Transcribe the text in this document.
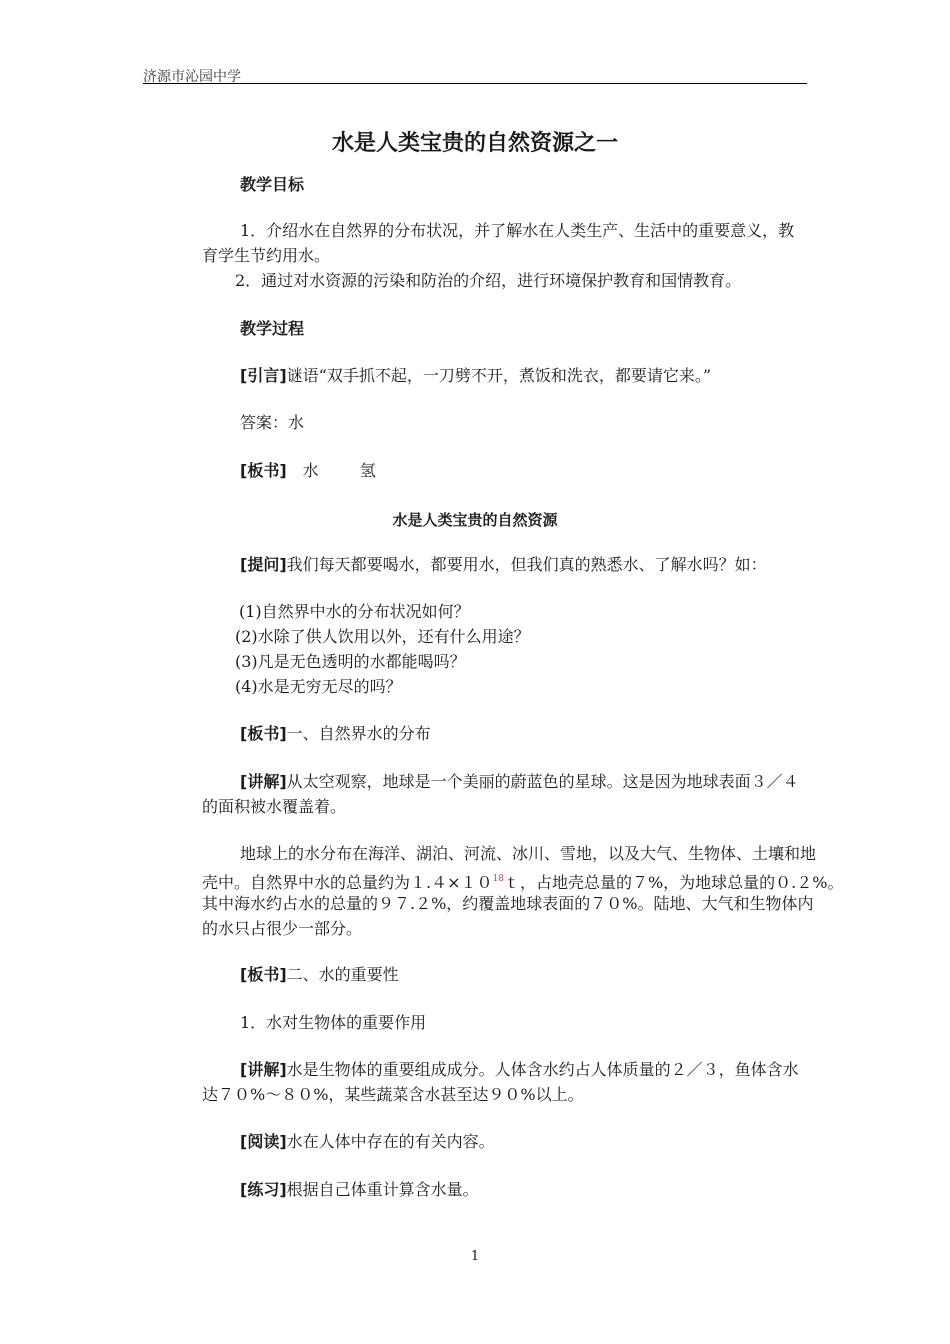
济源市沁园中学
水是人类宝贵的自然资源之一
教学目标
1．介绍水在自然界的分布状况，并了解水在人类生产、生活中的重要意义，教
育学生节约用水。
2．通过对水资源的污染和防治的介绍，进行环境保护教育和国情教育。
教学过程
[引言]谜语“双手抓不起，一刀劈不开，煮饭和洗衣，都要请它来。”
答案：水
[板书]　水　 氢
水是人类宝贵的自然资源
[提问]我们每天都要喝水，都要用水，但我们真的熟悉水、了解水吗？如：
(1)自然界中水的分布状况如何？
(2)水除了供人饮用以外，还有什么用途？
(3)凡是无色透明的水都能喝吗？
(4)水是无穷无尽的吗？
[板书]一、自然界水的分布
[讲解]从太空观察，地球是一个美丽的蔚蓝色的星球。这是因为地球表面３／４
的面积被水覆盖着。
地球上的水分布在海洋、湖泊、河流、冰川、雪地，以及大气、生物体、土壤和地
壳中。自然界中水的总量约为$1.4\times 10^{18}t$，占地壳总量的７%，为地球总量的０.２%。
其中海水约占水的总量的９７.２%，约覆盖地球表面的７０%。陆地、大气和生物体内
的水只占很少一部分。
[板书]二、水的重要性
1．水对生物体的重要作用
[讲解]水是生物体的重要组成成分。人体含水约占人体质量的２／３，鱼体含水
达７０%～８０%，某些蔬菜含水甚至达９０%以上。
[阅读]水在人体中存在的有关内容。
[练习]根据自己体重计算含水量。
1
